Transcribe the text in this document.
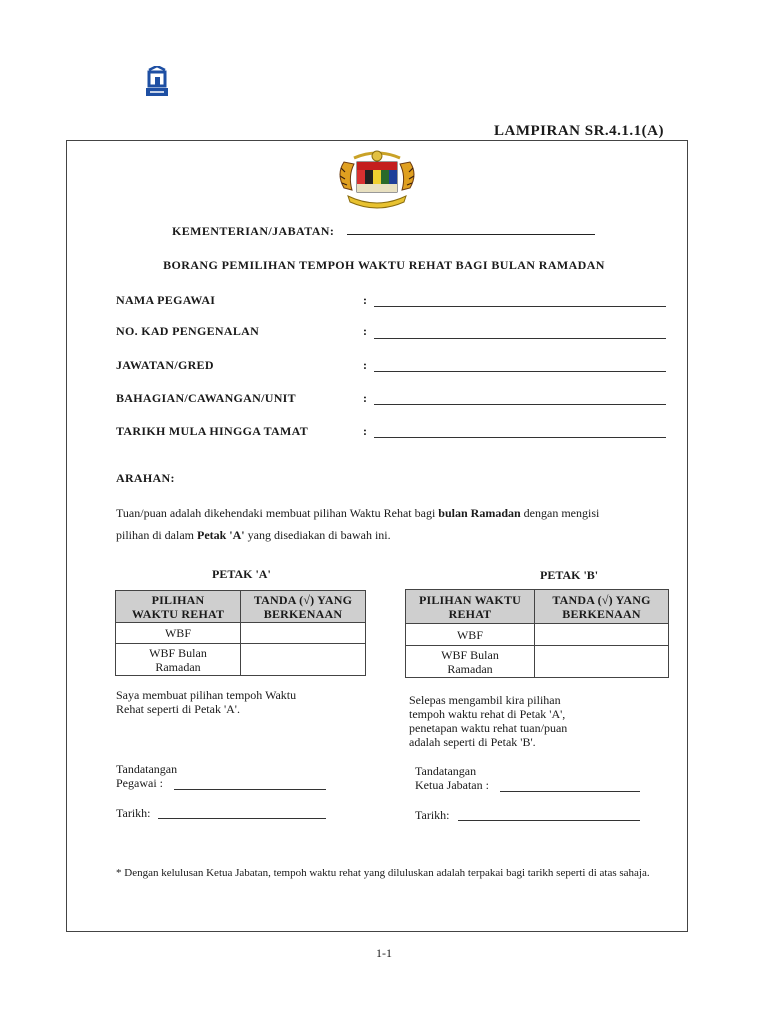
LAMPIRAN SR.4.1.1(A)
KEMENTERIAN/JABATAN:
BORANG PEMILIHAN TEMPOH WAKTU REHAT BAGI BULAN RAMADAN
NAMA PEGAWAI	:
NO. KAD PENGENALAN	:
JAWATAN/GRED	:
BAHAGIAN/CAWANGAN/UNIT	:
TARIKH MULA HINGGA TAMAT	:
ARAHAN:
Tuan/puan adalah dikehendaki membuat pilihan Waktu Rehat bagi bulan Ramadan dengan mengisi
pilihan di dalam Petak 'A' yang disediakan di bawah ini.
PETAK 'A'
PILIHAN
WAKTU REHAT	TANDA (√) YANG
BERKENAAN
WBF	
WBF Bulan
Ramadan	
Saya membuat pilihan tempoh Waktu
Rehat seperti di Petak 'A'.
Tandatangan
Pegawai :
Tarikh:
PETAK 'B'
PILIHAN WAKTU
REHAT	TANDA (√) YANG
BERKENAAN
WBF	
WBF Bulan
Ramadan	
Selepas mengambil kira pilihan
tempoh waktu rehat di Petak 'A',
penetapan waktu rehat tuan/puan
adalah seperti di Petak 'B'.
Tandatangan
Ketua Jabatan :
Tarikh:
* Dengan kelulusan Ketua Jabatan, tempoh waktu rehat yang diluluskan adalah terpakai bagi tarikh seperti di atas sahaja.
1-1
